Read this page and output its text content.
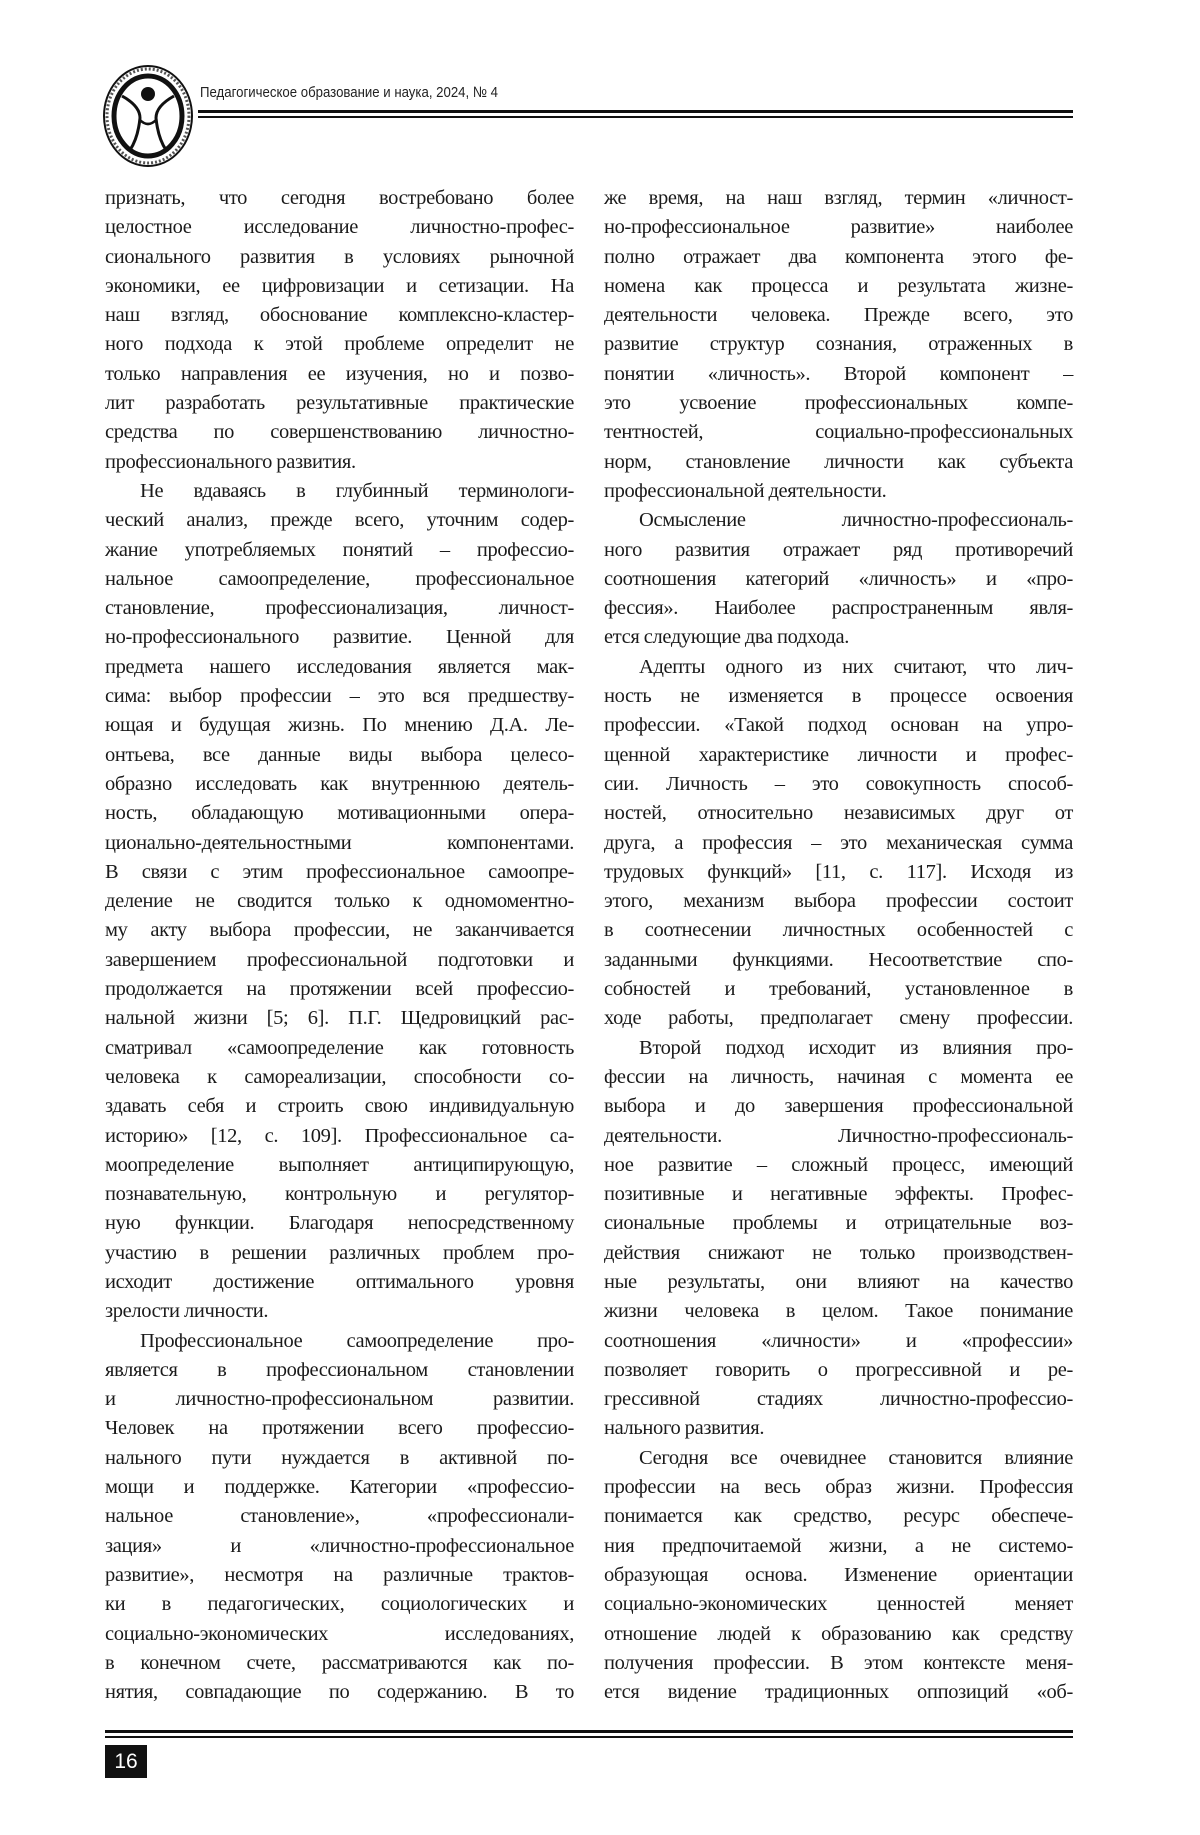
Педагогическое образование и наука, 2024, № 4
признать, что сегодня востребовано более
целостное исследование личностно-профес-
сионального развития в условиях рыночной
экономики, ее цифровизации и сетизации. На
наш взгляд, обоснование комплексно-кластер-
ного подхода к этой проблеме определит не
только направления ее изучения, но и позво-
лит разработать результативные практические
средства по совершенствованию личностно-
профессионального развития.
Не вдаваясь в глубинный терминологи-
ческий анализ, прежде всего, уточним содер-
жание употребляемых понятий – профессио-
нальное самоопределение, профессиональное
становление, профессионализация, личност-
но-профессионального развитие. Ценной для
предмета нашего исследования является мак-
сима: выбор профессии – это вся предшеству-
ющая и будущая жизнь. По мнению Д.А. Ле-
онтьева, все данные виды выбора целесо-
образно исследовать как внутреннюю деятель-
ность, обладающую мотивационными опера-
ционально-деятельностными компонентами.
В связи с этим профессиональное самоопре-
деление не сводится только к одномоментно-
му акту выбора профессии, не заканчивается
завершением профессиональной подготовки и
продолжается на протяжении всей профессио-
нальной жизни [5; 6]. П.Г. Щедровицкий рас-
сматривал «самоопределение как готовность
человека к самореализации, способности со-
здавать себя и строить свою индивидуальную
историю» [12, с. 109]. Профессиональное са-
моопределение выполняет антиципирующую,
познавательную, контрольную и регулятор-
ную функции. Благодаря непосредственному
участию в решении различных проблем про-
исходит достижение оптимального уровня
зрелости личности.
Профессиональное самоопределение про-
является в профессиональном становлении
и личностно-профессиональном развитии.
Человек на протяжении всего профессио-
нального пути нуждается в активной по-
мощи и поддержке. Категории «профессио-
нальное становление», «профессионали-
зация» и «личностно-профессиональное
развитие», несмотря на различные трактов-
ки в педагогических, социологических и
социально-экономических исследованиях,
в конечном счете, рассматриваются как по-
нятия, совпадающие по содержанию. В то
же время, на наш взгляд, термин «личност-
но-профессиональное развитие» наиболее
полно отражает два компонента этого фе-
номена как процесса и результата жизне-
деятельности человека. Прежде всего, это
развитие структур сознания, отраженных в
понятии «личность». Второй компонент –
это усвоение профессиональных компе-
тентностей, социально-профессиональных
норм, становление личности как субъекта
профессиональной деятельности.
Осмысление личностно-профессиональ-
ного развития отражает ряд противоречий
соотношения категорий «личность» и «про-
фессия». Наиболее распространенным явля-
ется следующие два подхода.
Адепты одного из них считают, что лич-
ность не изменяется в процессе освоения
профессии. «Такой подход основан на упро-
щенной характеристике личности и профес-
сии. Личность – это совокупность способ-
ностей, относительно независимых друг от
друга, а профессия – это механическая сумма
трудовых функций» [11, с. 117]. Исходя из
этого, механизм выбора профессии состоит
в соотнесении личностных особенностей с
заданными функциями. Несоответствие спо-
собностей и требований, установленное в
ходе работы, предполагает смену профессии.
Второй подход исходит из влияния про-
фессии на личность, начиная с момента ее
выбора и до завершения профессиональной
деятельности. Личностно-профессиональ-
ное развитие – сложный процесс, имеющий
позитивные и негативные эффекты. Профес-
сиональные проблемы и отрицательные воз-
действия снижают не только производствен-
ные результаты, они влияют на качество
жизни человека в целом. Такое понимание
соотношения «личности» и «профессии»
позволяет говорить о прогрессивной и ре-
грессивной стадиях личностно-профессио-
нального развития.
Сегодня все очевиднее становится влияние
профессии на весь образ жизни. Профессия
понимается как средство, ресурс обеспече-
ния предпочитаемой жизни, а не системо-
образующая основа. Изменение ориентации
социально-экономических ценностей меняет
отношение людей к образованию как средству
получения профессии. В этом контексте меня-
ется видение традиционных оппозиций «об-
16
